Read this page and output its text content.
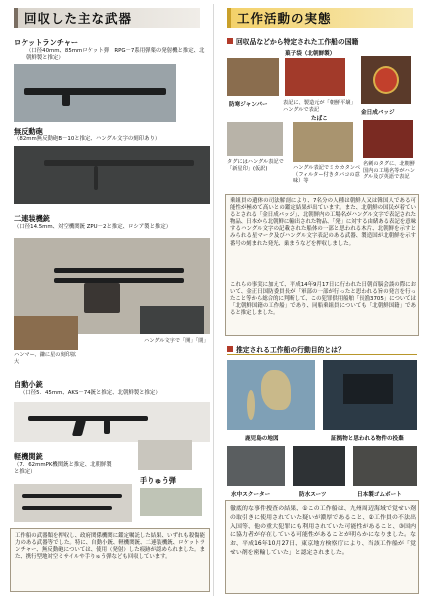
回収した主な武器
ロケットランチャー
（口径40mm、85mmロケット弾　RPG－7系用弾薬の発射機と推定、北朝鮮製と推定）
無反動砲
（82mm無反動砲B－10と推定、ハングル文字の刻印あり）
二連装機銃
（口径14.5mm、対空機関銃 ZPU－2と推定、ロシア製と推定）
ハンマー、鎌に星の刻印拡大
ハングル文字で「開」「閉」
自動小銃
（口径5．45mm、AKS－74銃と推定、北朝鮮製と推定）
軽機関銃
（7．62mmPK機関銃と推定、北朝鮮製と推定）
手りゅう弾
工作船の武器類を押収し、政府関係機関に鑑定嘱託した結果、いずれも殺傷能力のある武器等でした。特に、自動小銃、軽機関銃、二連装機銃、ロケットランチャー、無反動砲については、使用（発射）した痕跡が認められました。また、携行型地対空ミサイルや手りゅう弾なども回収しています。
工作活動の実態
回収品などから特定された工作船の国籍
菓子袋（北朝鮮製）
防寒ジャンパー	表記に、製造元が「朝鮮平壌」ハングルで表記
金日成バッジ
たばこ
タグにはハングル表記で「新星印」(仮訳)	ハングル表記でミカカタンペ（フィルター付きタバコの意味）等
名刺のタグに、北朝鮮国内の工場名等がハングル及び英語で表記
乗組員の遺体の司法解剖により、7名分の人種は朝鮮人又は韓国人である可能性が極めて高いとの鑑定結果が出ています。また、北朝鮮の国民が着ているとされる「金日成バッジ」、北朝鮮内の工場名がハングル文字で表記された物品、日本から北朝鮮に輸出された物品、「発」に対する由緒ある表記を意味するハングル文字の記載された船体の一部と思われる木片、北朝鮮を示すとみられる星マーク及びハングル文字表記のある武器、製造国が北朝鮮を示す番号の刻まれた発光、巣まうなどを押収しました。
これらの事実に加えて、平成14年9月17日に行われた日朝首脳会談の際において、金正日国防委員長が「軍部の一部が行ったと思われる旨の発言を行ったこと等から総合的に判断して、この犯罪供用船舶「長漁3705」については「北朝鮮国籍の工作船」であり、同船乗組員についても「北朝鮮国籍」であると推定しました。
推定される工作船の行動目的とは？
鹿児島の地図	証拠物と思われる物件の投棄
水中スクーター	防水スーツ	日本製ゴムボート
徹底的な事件捜査の結果、①この工作船は、九州周辺海域で覚せい剤の取引きに使用されていた疑いが濃厚であること、②工作員の不法出入国等、他の重大犯罪にも利用されていた可能性があること、③国内に協力者が存在している可能性があることが明らかになりました。なお、平成16年10月27日、東京地方検察庁により、当該工作船が「覚せい剤を密輸していた」と認定されました。
